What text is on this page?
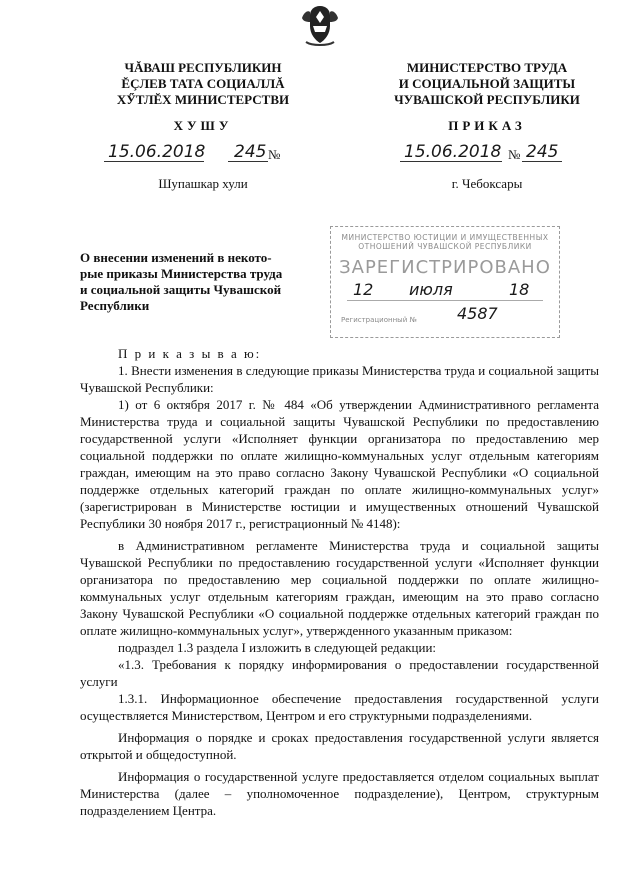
ЧĂВАШ РЕСПУБЛИКИН
ĔÇЛЕВ ТАТА СОЦИАЛЛĂ
ХӲТЛĔХ МИНИСТЕРСТВИ
МИНИСТЕРСТВО ТРУДА
И СОЦИАЛЬНОЙ ЗАЩИТЫ
ЧУВАШСКОЙ РЕСПУБЛИКИ
ХУШУ	ПРИКАЗ
15.06.2018 245 №	15.06.2018 № 245
Шупашкар хули	г. Чебоксары
О внесении изменений в некото-
рые приказы Министерства труда
и социальной защиты Чувашской
Республики
МИНИСТЕРСТВО ЮСТИЦИИ И ИМУЩЕСТВЕННЫХ
ОТНОШЕНИЙ ЧУВАШСКОЙ РЕСПУБЛИКИ
ЗАРЕГИСТРИРОВАНО
12 июля	18
Регистрационный №	4587

П р и к а з ы в а ю:

1. Внести изменения в следующие приказы Министерства труда и социальной защиты Чувашской Республики:

1) от 6 октября 2017 г. № 484 «Об утверждении Административного регламента Министерства труда и социальной защиты Чувашской Республики по предоставлению государственной услуги «Исполняет функции организатора по предоставлению мер социальной поддержки по оплате жилищно-коммунальных услуг отдельным категориям граждан, имеющим на это право согласно Закону Чувашской Республики «О социальной поддержке отдельных категорий граждан по оплате жилищно-коммунальных услуг» (зарегистрирован в Министерстве юстиции и имущественных отношений Чувашской Республики 30 ноября 2017 г., регистрационный № 4148):

в Административном регламенте Министерства труда и социальной защиты Чувашской Республики по предоставлению государственной услуги «Исполняет функции организатора по предоставлению мер социальной поддержки по оплате жилищно-коммунальных услуг отдельным категориям граждан, имеющим на это право согласно Закону Чувашской Республики «О социальной поддержке отдельных категорий граждан по оплате жилищно-коммунальных услуг», утвержденного указанным приказом:

подраздел 1.3 раздела I изложить в следующей редакции:

«1.3. Требования к порядку информирования о предоставлении государственной услуги

1.3.1. Информационное обеспечение предоставления государственной услуги осуществляется Министерством, Центром и его структурными подразделениями.

Информация о порядке и сроках предоставления государственной услуги является открытой и общедоступной.

Информация о государственной услуге предоставляется отделом социальных выплат Министерства (далее – уполномоченное подразделение), Центром, структурным подразделением Центра.
